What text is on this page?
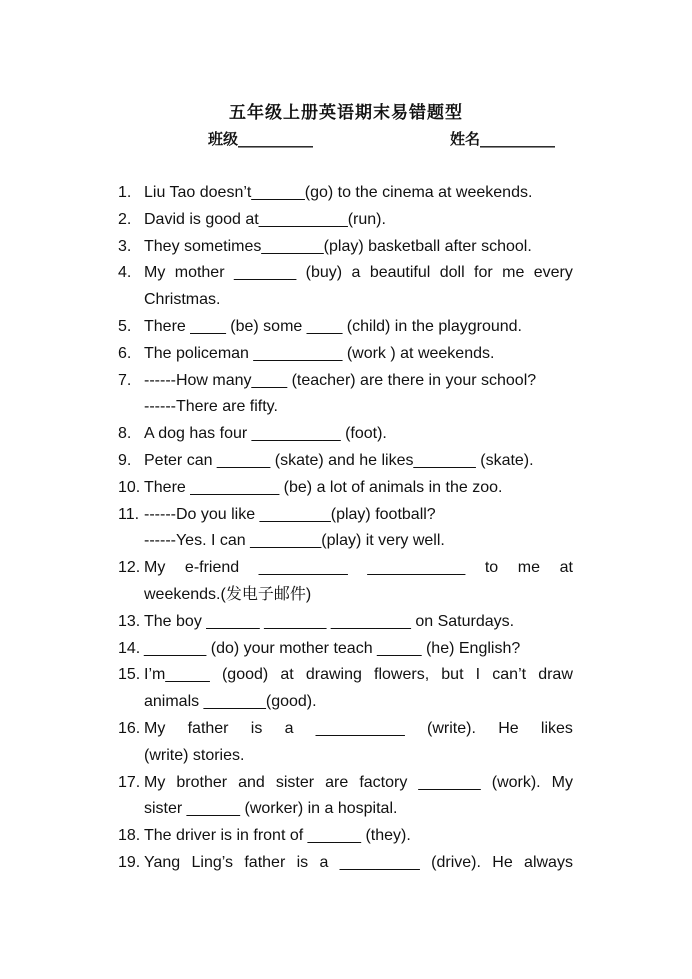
五年级上册英语期末易错题型
班级__________	姓名__________
1. Liu Tao doesn’t______(go) to the cinema at weekends.
2. David is good at__________(run).
3. They sometimes_______(play) basketball after school.
4. My mother _______ (buy) a beautiful doll for me every
Christmas.
5. There ____ (be) some ____ (child) in the playground.
6. The policeman __________ (work ) at weekends.
7. ------How many____ (teacher) are there in your school?
------There are fifty.
8. A dog has four __________ (foot).
9. Peter can ______ (skate) and he likes_______ (skate).
10. There __________ (be) a lot of animals in the zoo.
11. ------Do you like ________(play) football?
------Yes. I can ________(play) it very well.
12. My e-friend __________ ___________ to me at
weekends.(发电子邮件)
13. The boy ______ _______ _________ on Saturdays.
14. _______ (do) your mother teach _____ (he) English?
15. I’m_____ (good) at drawing flowers, but I can’t draw
animals _______(good).
16. My father is a __________ (write). He likes
(write) stories.
17. My brother and sister are factory _______ (work). My
sister ______ (worker) in a hospital.
18. The driver is in front of ______ (they).
19. Yang Ling’s father is a _________ (drive). He always
